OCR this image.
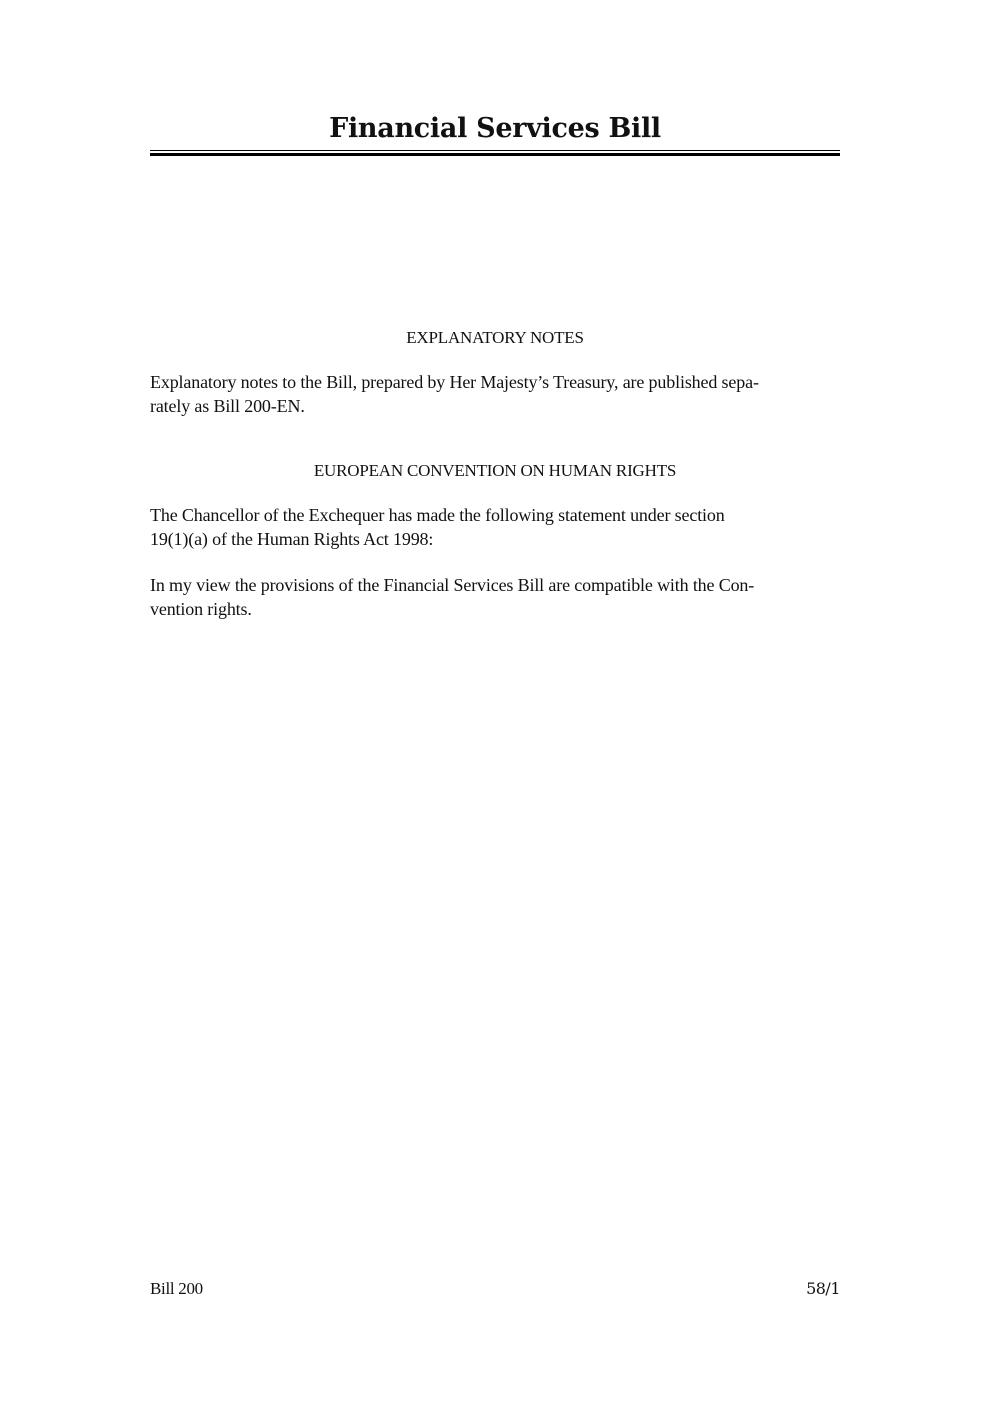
Financial Services Bill
EXPLANATORY NOTES

Explanatory notes to the Bill, prepared by Her Majesty’s Treasury, are published sepa-
rately as Bill 200-EN.

EUROPEAN CONVENTION ON HUMAN RIGHTS

The Chancellor of the Exchequer has made the following statement under section
19(1)(a) of the Human Rights Act 1998:

In my view the provisions of the Financial Services Bill are compatible with the Con-
vention rights.

Bill 200	58/1
